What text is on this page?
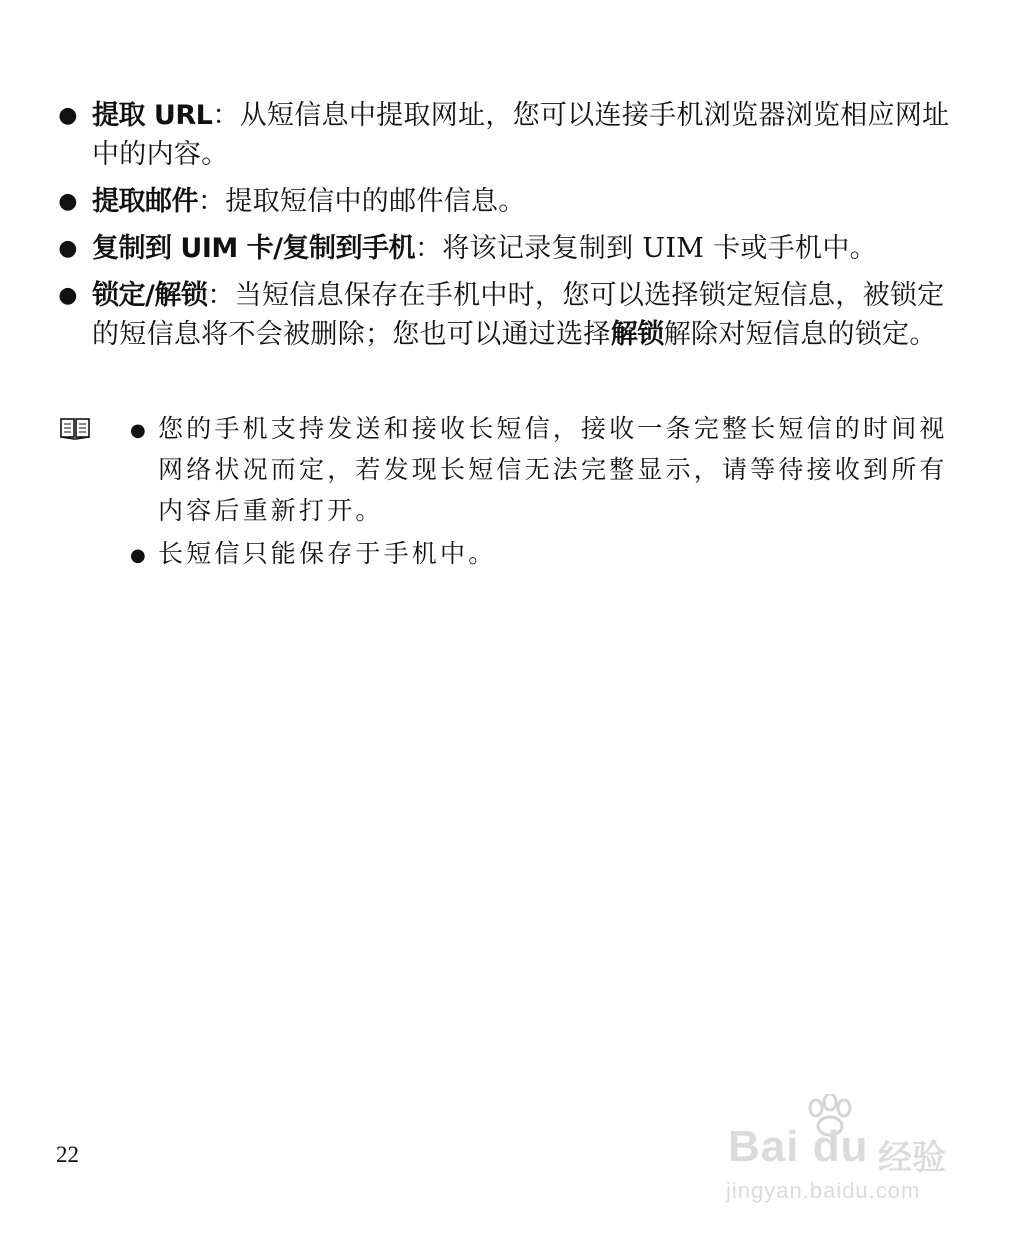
● 提取 URL：从短信息中提取网址，您可以连接手机浏览器浏览相应网址中的内容。
● 提取邮件：提取短信中的邮件信息。
● 复制到 UIM 卡/复制到手机：将该记录复制到 UIM 卡或手机中。
● 锁定/解锁：当短信息保存在手机中时，您可以选择锁定短信息，被锁定的短信息将不会被删除；您也可以通过选择解锁解除对短信息的锁定。
● 您的手机支持发送和接收长短信，接收一条完整长短信的时间视网络状况而定，若发现长短信无法完整显示，请等待接收到所有内容后重新打开。
● 长短信只能保存于手机中。
22	Bai du 经验
jingyan.baidu.com
